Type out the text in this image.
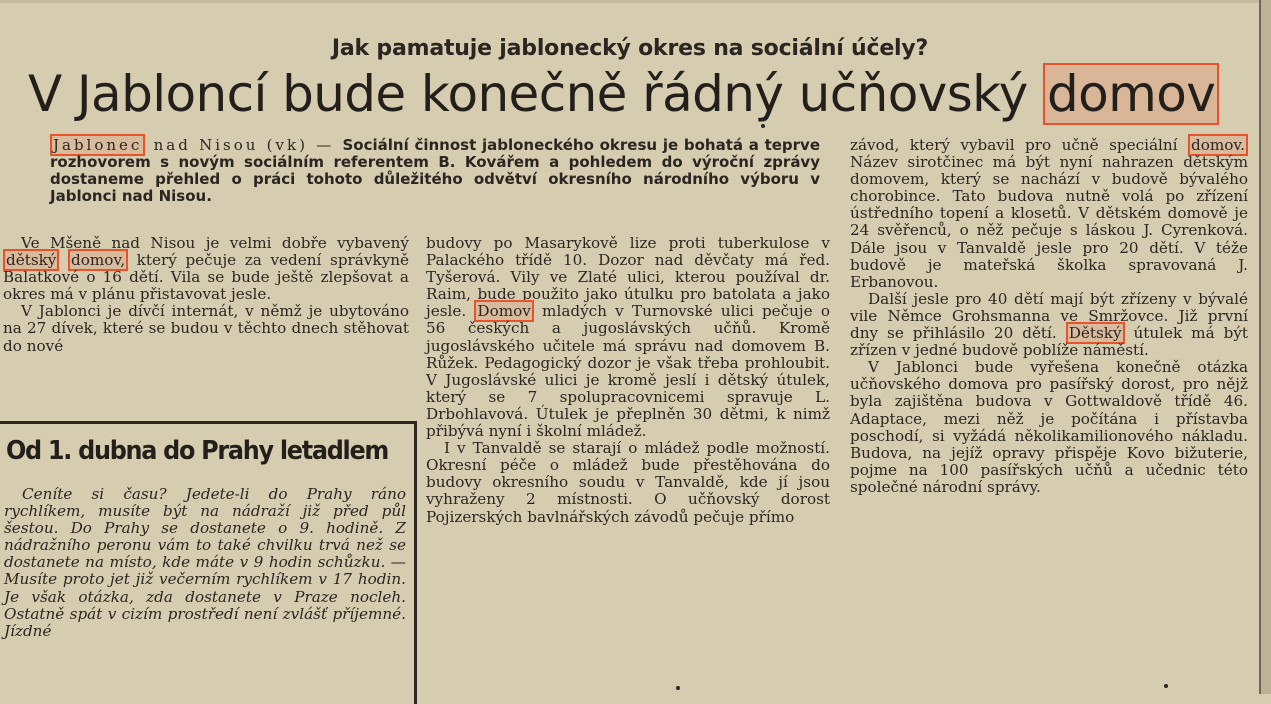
Jak pamatuje jablonecký okres na sociální účely?
V Jabloncí bude konečně řádný učňovský domov
Jablonec nad Nisou (vk) — Sociální činnost jabloneckého okresu je bohatá a teprve rozhovorem s novým sociálním referentem B. Kovářem a pohledem do výroční zprávy dostaneme přehled o práci tohoto důležitého odvětví okresního národního výboru v Jablonci nad Nisou.

Ve Mšeně nad Nisou je velmi dobře vybavený dětský domov, který pečuje za vedení správkyně Balatkové o 16 dětí. Vila se bude ještě zlepšovat a okres má v plánu přistavovat jesle.

V Jablonci je dívčí internát, v němž je ubytováno na 27 dívek, které se budou v těchto dnech stěhovat do nové

budovy po Masarykově lize proti tuberkulose v Palackého třídě 10. Dozor nad děvčaty má řed. Tyšerová. Vily ve Zlaté ulici, kterou používal dr. Raim, bude použito jako útulku pro batolata a jako jesle. Domov mladých v Turnovské ulici pečuje o 56 českých a jugoslávských učňů. Kromě jugoslávského učitele má správu nad domovem B. Růžek. Pedagogický dozor je však třeba prohloubit. V Jugoslávské ulici je kromě jeslí i dětský útulek, který se 7 spolupracovnicemi spravuje L. Drbohlavová. Útulek je přeplněn 30 dětmi, k nimž přibývá nyní i školní mládež.

I v Tanvaldě se starají o mládež podle možností. Okresní péče o mládež bude přestěhována do budovy okresního soudu v Tanvaldě, kde jí jsou vyhraženy 2 místnosti. O učňovský dorost Pojizerských bavlnářských závodů pečuje přímo

závod, který vybavil pro učně speciální domov. Název sirotčinec má být nyní nahrazen dětským domovem, který se nachází v budově bývalého chorobince. Tato budova nutně volá po zřízení ústředního topení a klosetů. V dětském domově je 24 svěřenců, o něž pečuje s láskou J. Cyrenková. Dále jsou v Tanvaldě jesle pro 20 dětí. V téže budově je mateřská školka spravovaná J. Erbanovou.

Další jesle pro 40 dětí mají být zřízeny v bývalé vile Němce Grohsmanna ve Smržovce. Již první dny se přihlásilo 20 dětí. Dětský útulek má být zřízen v jedné budově poblíže náměstí.

V Jablonci bude vyřešena konečně otázka učňovského domova pro pasířský dorost, pro nějž byla zajištěna budova v Gottwaldově třídě 46. Adaptace, mezi něž je počítána i přístavba poschodí, si vyžádá několikamilionového nákladu. Budova, na jejíž opravy přispěje Kovo bižuterie, pojme na 100 pasířských učňů a učednic této společné národní správy.

Od 1. dubna do Prahy letadlem

Ceníte si času? Jedete-li do Prahy ráno rychlíkem, musíte být na nádraží již před půl šestou. Do Prahy se dostanete o 9. hodině. Z nádražního peronu vám to také chvilku trvá než se dostanete na místo, kde máte v 9 hodin schůzku. — Musíte proto jet již večerním rychlíkem v 17 hodin. Je však otázka, zda dostanete v Praze nocleh. Ostatně spát v cizím prostředí není zvlášť příjemné. Jízdné
